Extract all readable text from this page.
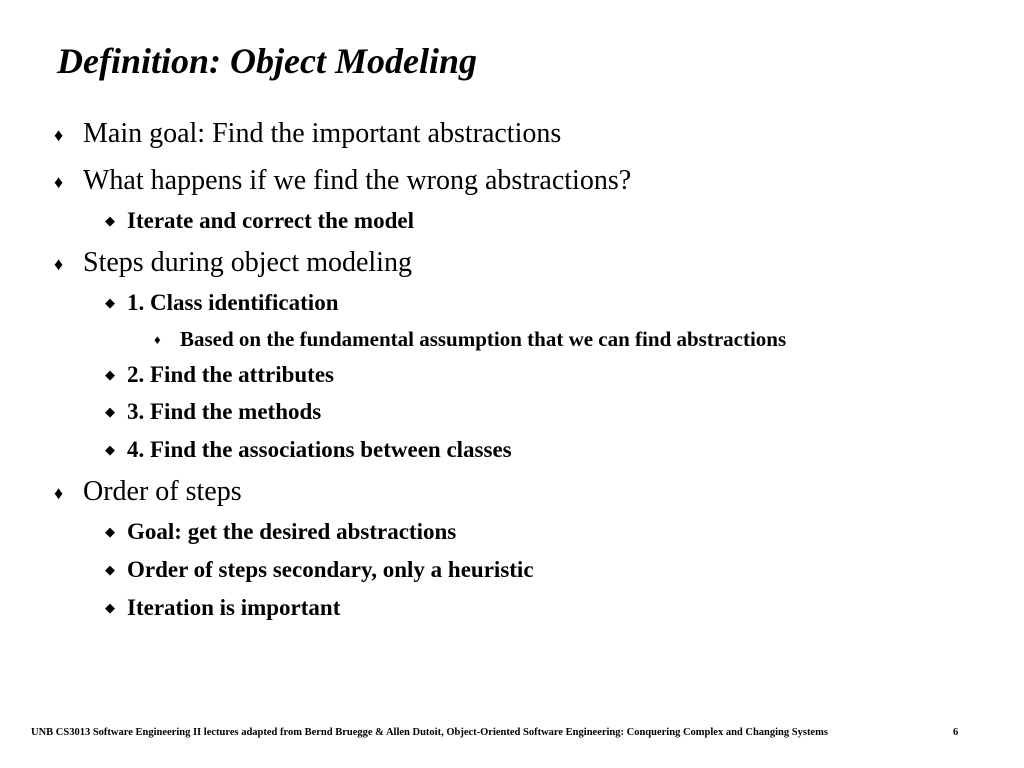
Definition: Object Modeling
♦ Main goal: Find the important abstractions
♦ What happens if we find the wrong abstractions?
◆ Iterate and correct the model
♦ Steps during object modeling
◆ 1. Class identification
♦ Based on the fundamental assumption that we can find abstractions
◆ 2. Find the attributes
◆ 3. Find the methods
◆ 4. Find the associations between classes
♦ Order of steps
◆ Goal: get the desired abstractions
◆ Order of steps secondary, only a heuristic
◆ Iteration is important
UNB CS3013 Software Engineering II lectures adapted from Bernd Bruegge & Allen Dutoit, Object-Oriented Software Engineering: Conquering Complex and Changing Systems	6
